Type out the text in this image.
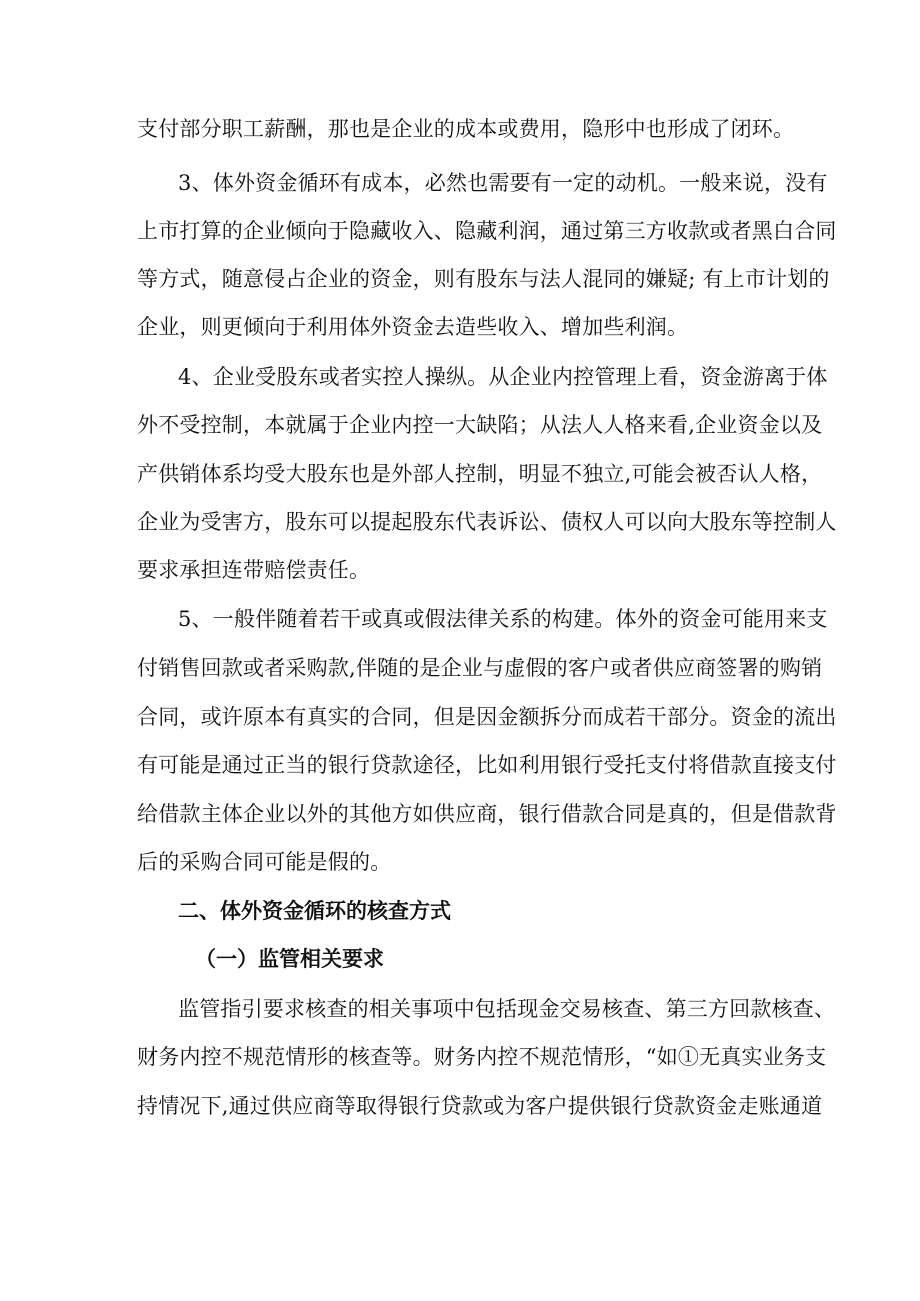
支付部分职工薪酬，那也是企业的成本或费用，隐形中也形成了闭环。
3、体外资金循环有成本，必然也需要有一定的动机。一般来说，没有
上市打算的企业倾向于隐藏收入、隐藏利润，通过第三方收款或者黑白合同
等方式，随意侵占企业的资金，则有股东与法人混同的嫌疑; 有上市计划的
企业，则更倾向于利用体外资金去造些收入、增加些利润。
4、企业受股东或者实控人操纵。从企业内控管理上看，资金游离于体
外不受控制，本就属于企业内控一大缺陷；从法人人格来看,企业资金以及
产供销体系均受大股东也是外部人控制，明显不独立,可能会被否认人格，
企业为受害方，股东可以提起股东代表诉讼、债权人可以向大股东等控制人
要求承担连带赔偿责任。
5、一般伴随着若干或真或假法律关系的构建。体外的资金可能用来支
付销售回款或者采购款,伴随的是企业与虚假的客户或者供应商签署的购销
合同，或许原本有真实的合同，但是因金额拆分而成若干部分。资金的流出
有可能是通过正当的银行贷款途径，比如利用银行受托支付将借款直接支付
给借款主体企业以外的其他方如供应商，银行借款合同是真的，但是借款背
后的采购合同可能是假的。
二、体外资金循环的核查方式
（一）监管相关要求
监管指引要求核查的相关事项中包括现金交易核查、第三方回款核查、
财务内控不规范情形的核查等。财务内控不规范情形，“如①无真实业务支
持情况下,通过供应商等取得银行贷款或为客户提供银行贷款资金走账通道
